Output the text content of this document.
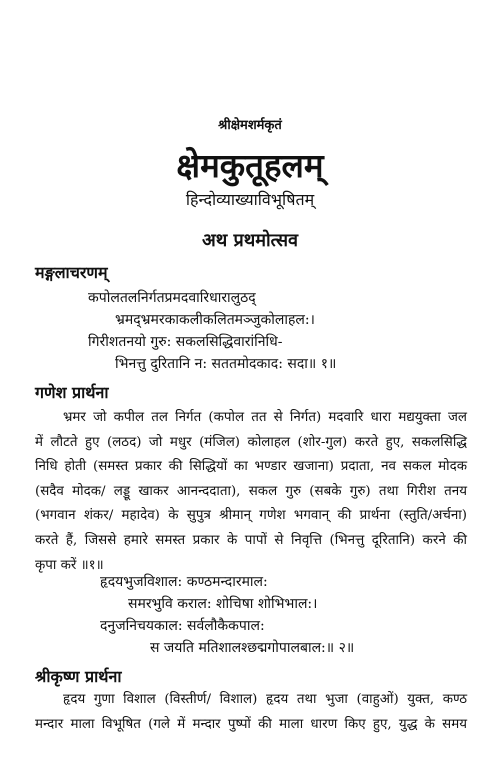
श्रीक्षेमशर्मकृतं
क्षेमकुतूहलम्
हिन्दोव्याख्याविभूषितम्
अथ प्रथमोत्सव
मङ्गलाचरणम्
कपोलतलनिर्गतप्रमदवारिधारालुठद्
भ्रमद्भ्रमरकाकलीकलितमञ्जुकोलाहल:।
गिरीशतनयो गुरु: सकलसिद्धिवारांनिधि-
भिनत्तु दुरितानि न: सततमोदकाद: सदा॥ १॥
गणेश प्रार्थना
भ्रमर जो कपील तल निर्गत (कपोल तत से निर्गत) मदवारि धारा मद्ययुक्ता जल
में लौटते हुए (लठद) जो मधुर (मंजिल) कोलाहल (शोर-गुल) करते हुए, सकलसिद्धि
निधि होती (समस्त प्रकार की सिद्धियों का भण्डार खजाना) प्रदाता, नव सकल मोदक
(सदैव मोदक/ लड्डू खाकर आनन्ददाता), सकल गुरु (सबके गुरु) तथा गिरीश तनय
(भगवान शंकर/ महादेव) के सुपुत्र श्रीमान् गणेश भगवान् की प्रार्थना (स्तुति/अर्चना)
करते हैं, जिससे हमारे समस्त प्रकार के पापों से निवृत्ति (भिनत्तु दूरितानि) करने की
कृपा करें ॥१॥
हृदयभुजविशाल: कण्ठमन्दारमाल:
समरभुवि कराल: शोचिषा शोभिभाल:।
दनुजनिचयकाल: सर्वलौकैकपाल:
स जयति मतिशालश्छद्मगोपालबाल:॥ २॥
श्रीकृष्ण प्रार्थना
हृदय गुणा विशाल (विस्तीर्ण/ विशाल) हृदय तथा भुजा (वाहुओं) युक्त, कण्ठ
मन्दार माला विभूषित (गले में मन्दार पुष्पों की माला धारण किए हुए, युद्ध के समय
